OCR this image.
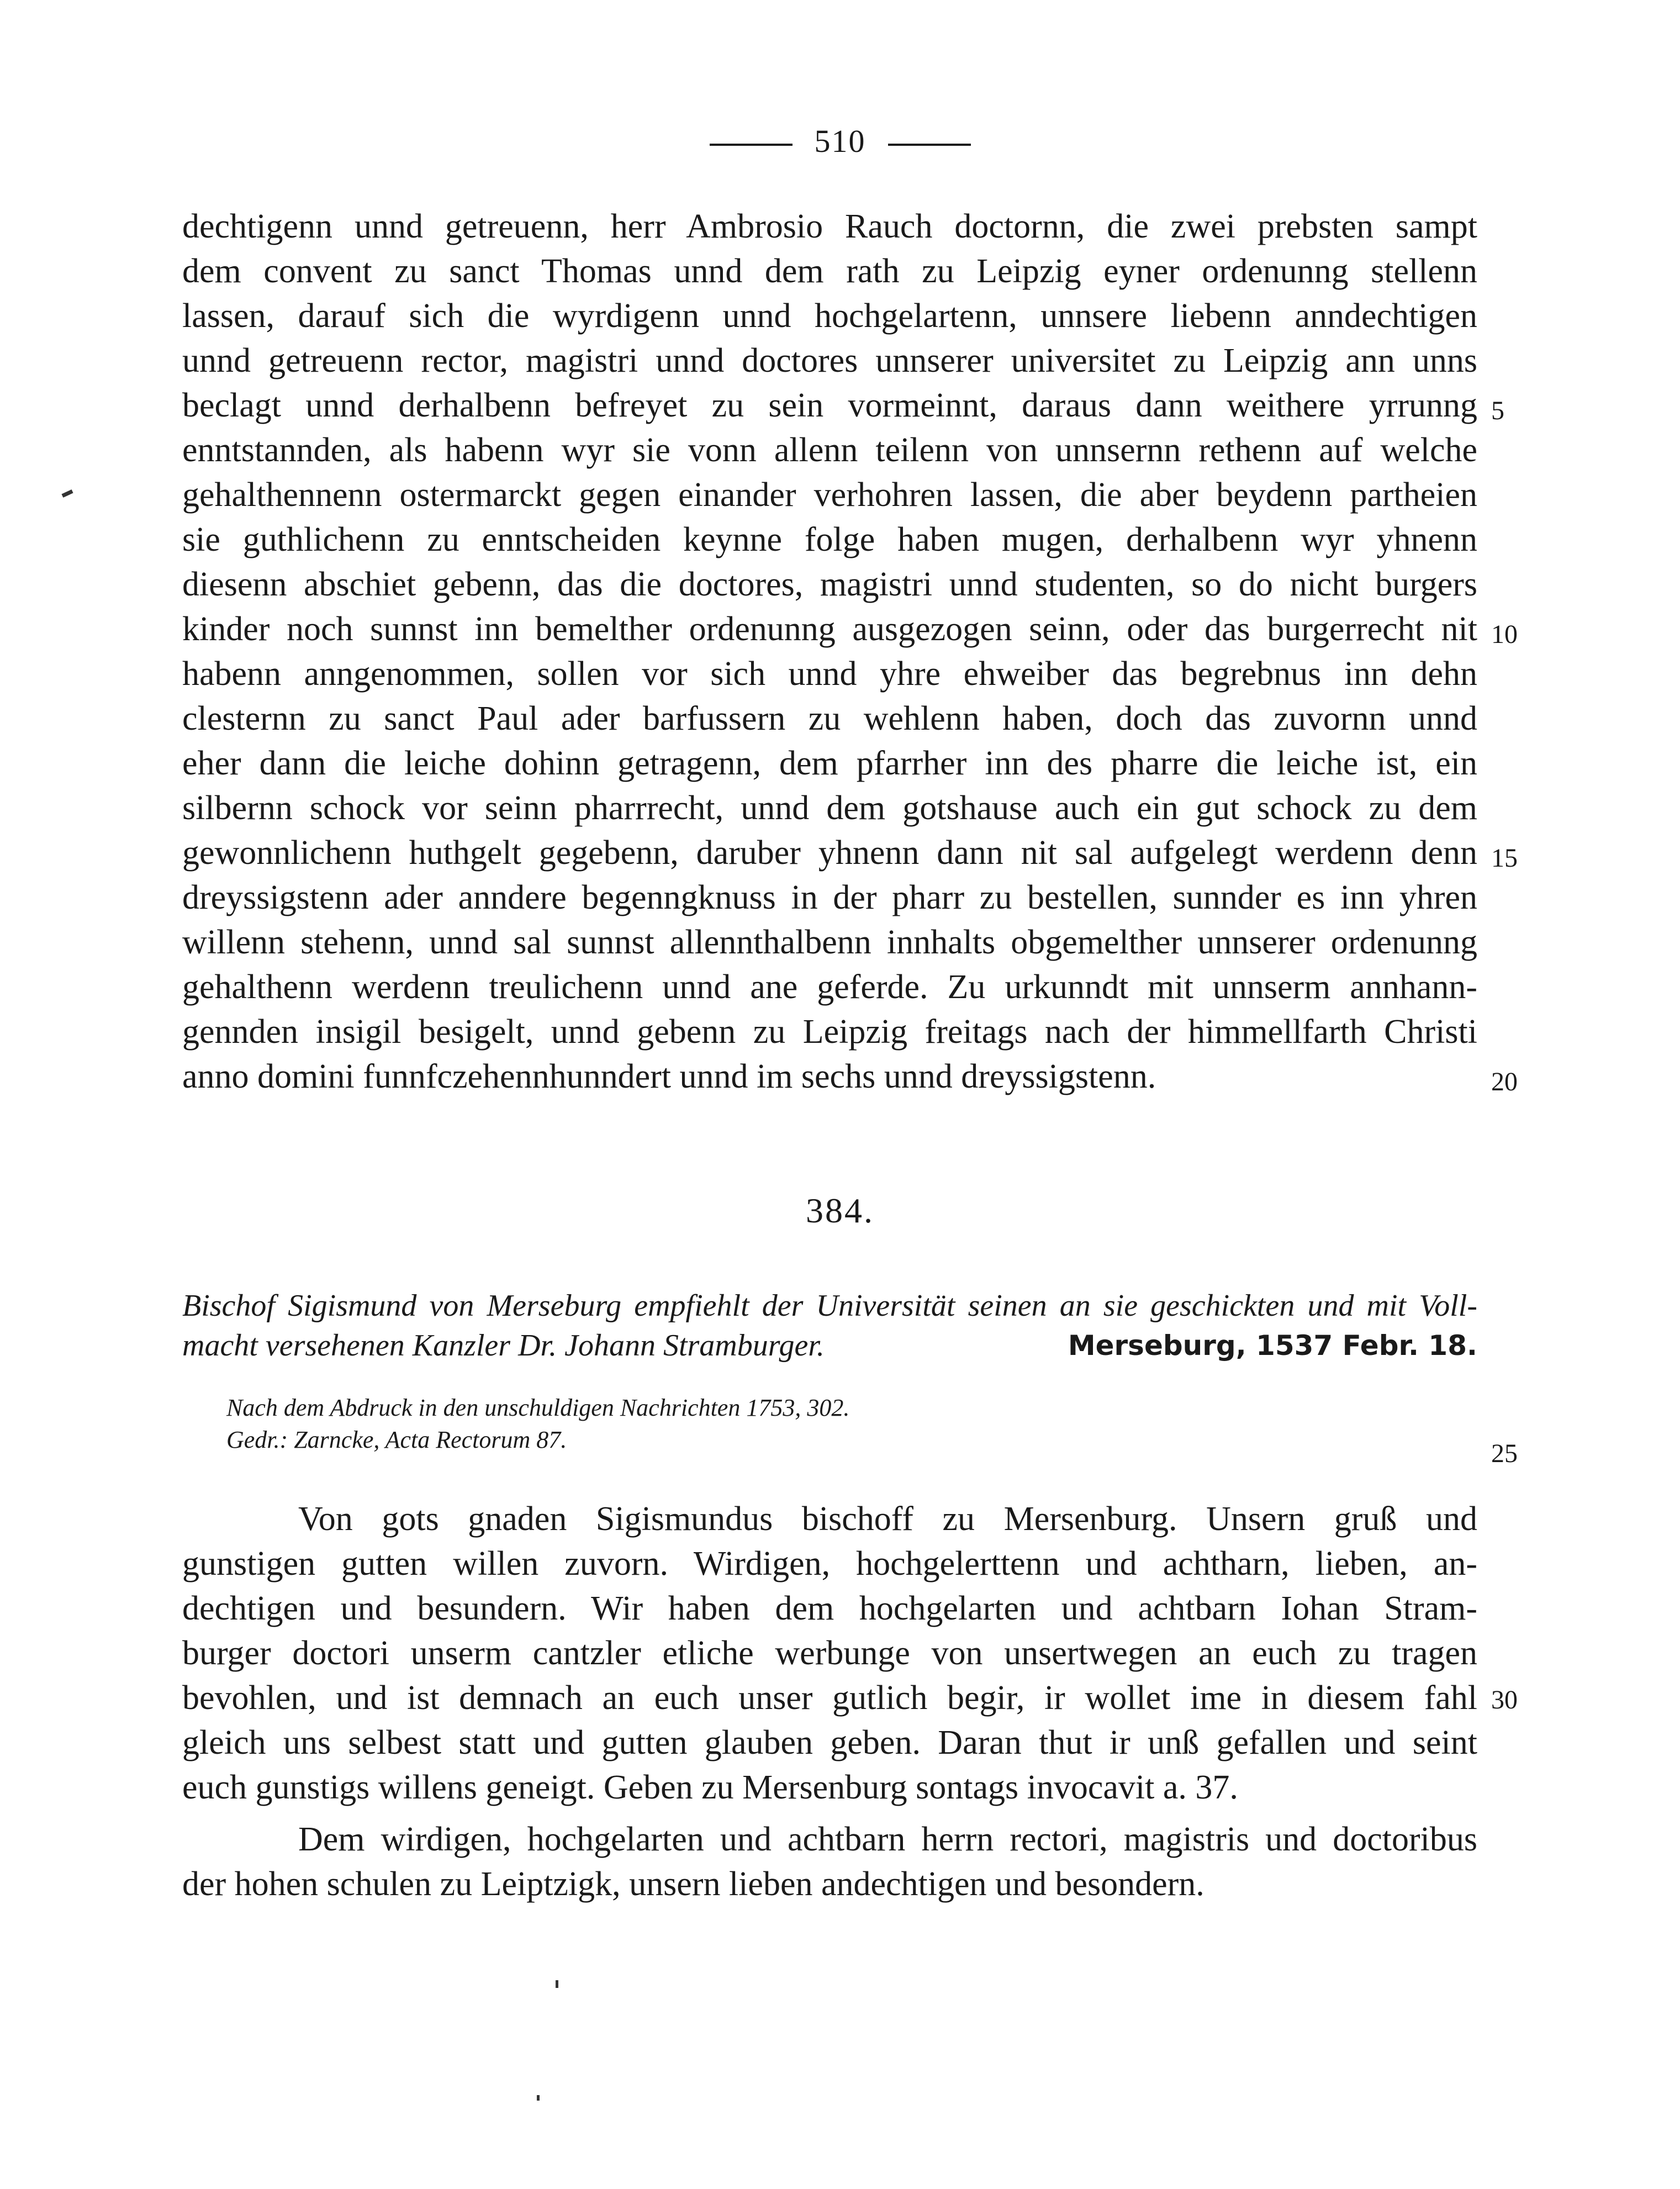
510
dechtigenn unnd getreuenn, herr Ambrosio Rauch doctornn, die zwei prebsten sampt
dem convent zu sanct Thomas unnd dem rath zu Leipzig eyner ordenunng stellenn
lassen, darauf sich die wyrdigenn unnd hochgelartenn, unnsere liebenn anndechtigen
unnd getreuenn rector, magistri unnd doctores unnserer universitet zu Leipzig ann unns
beclagt unnd derhalbenn befreyet zu sein vormeinnt, daraus dann weithere yrrunng
enntstannden, als habenn wyr sie vonn allenn teilenn von unnsernn rethenn auf welche
gehalthennenn ostermarckt gegen einander verhohren lassen, die aber beydenn partheien
sie guthlichenn zu enntscheiden keynne folge haben mugen, derhalbenn wyr yhnenn
diesenn abschiet gebenn, das die doctores, magistri unnd studenten, so do nicht burgers
kinder noch sunnst inn bemelther ordenunng ausgezogen seinn, oder das burgerrecht nit
habenn anngenommen, sollen vor sich unnd yhre ehweiber das begrebnus inn dehn
clesternn zu sanct Paul ader barfussern zu wehlenn haben, doch das zuvornn unnd
eher dann die leiche dohinn getragenn, dem pfarrher inn des pharre die leiche ist, ein
silbernn schock vor seinn pharrrecht, unnd dem gotshause auch ein gut schock zu dem
gewonnlichenn huthgelt gegebenn, daruber yhnenn dann nit sal aufgelegt werdenn denn
dreyssigstenn ader anndere begenngknuss in der pharr zu bestellen, sunnder es inn yhren
willenn stehenn, unnd sal sunnst allennthalbenn innhalts obgemelther unnserer ordenunng
gehalthenn werdenn treulichenn unnd ane geferde. Zu urkunndt mit unnserm annhann-
gennden insigil besigelt, unnd gebenn zu Leipzig freitags nach der himmellfarth Christi
anno domini funnfczehennhunndert unnd im sechs unnd dreyssigstenn.
5
10
15
20
25
30
384.
Bischof Sigismund von Merseburg empfiehlt der Universität seinen an sie geschickten und mit Voll-
macht versehenen Kanzler Dr. Johann Stramburger.	Merseburg, 1537 Febr. 18.
Nach dem Abdruck in den unschuldigen Nachrichten 1753, 302.
Gedr.: Zarncke, Acta Rectorum 87.
Von gots gnaden Sigismundus bischoff zu Mersenburg. Unsern gruß und
gunstigen gutten willen zuvorn. Wirdigen, hochgelerttenn und achtharn, lieben, an-
dechtigen und besundern. Wir haben dem hochgelarten und achtbarn Iohan Stram-
burger doctori unserm cantzler etliche werbunge von unsertwegen an euch zu tragen
bevohlen, und ist demnach an euch unser gutlich begir, ir wollet ime in diesem fahl
gleich uns selbest statt und gutten glauben geben. Daran thut ir unß gefallen und seint
euch gunstigs willens geneigt. Geben zu Mersenburg sontags invocavit a. 37.
Dem wirdigen, hochgelarten und achtbarn herrn rectori, magistris und doctoribus
der hohen schulen zu Leiptzigk, unsern lieben andechtigen und besondern.
